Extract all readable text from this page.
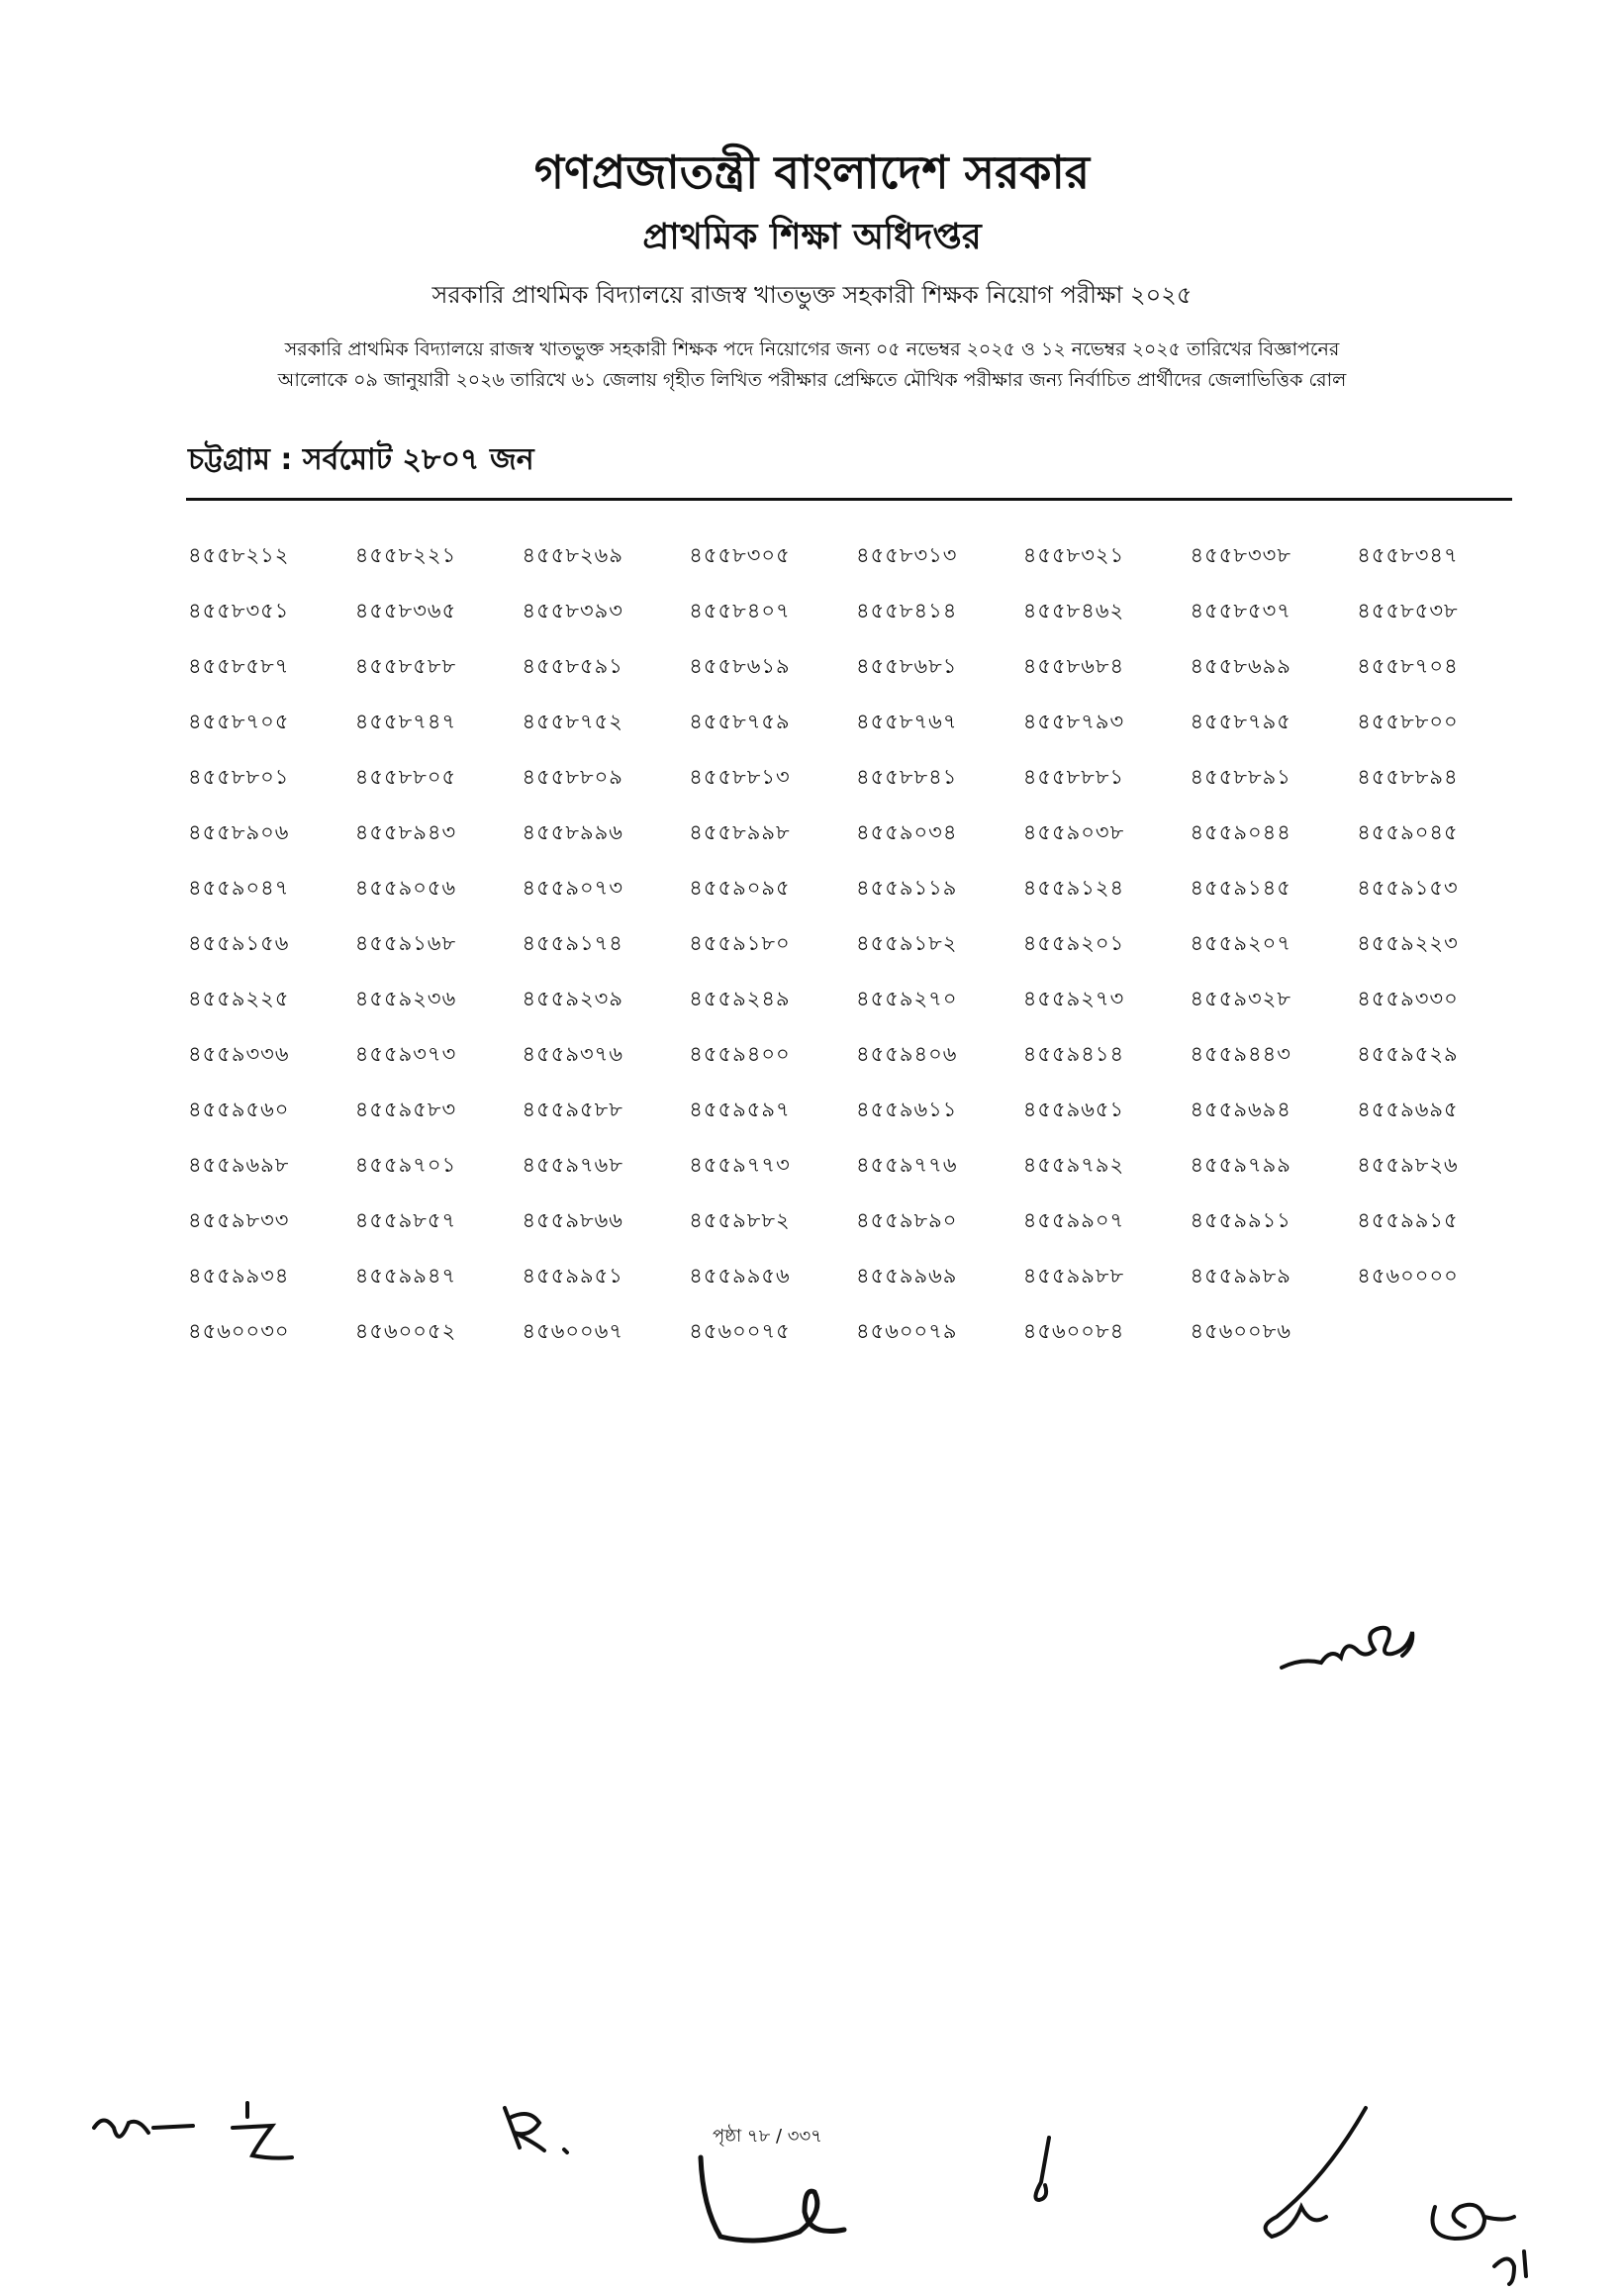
গণপ্রজাতন্ত্রী বাংলাদেশ সরকার
প্রাথমিক শিক্ষা অধিদপ্তর
সরকারি প্রাথমিক বিদ্যালয়ে রাজস্ব খাতভুক্ত সহকারী শিক্ষক নিয়োগ পরীক্ষা ২০২৫
সরকারি প্রাথমিক বিদ্যালয়ে রাজস্ব খাতভুক্ত সহকারী শিক্ষক পদে নিয়োগের জন্য ০৫ নভেম্বর ২০২৫ ও ১২ নভেম্বর ২০২৫ তারিখের বিজ্ঞাপনের
আলোকে ০৯ জানুয়ারী ২০২৬ তারিখে ৬১ জেলায় গৃহীত লিখিত পরীক্ষার প্রেক্ষিতে মৌখিক পরীক্ষার জন্য নির্বাচিত প্রার্থীদের জেলাভিত্তিক রোল
চট্টগ্রাম : সর্বমোট ২৮০৭ জন
৪৫৫৮২১২	৪৫৫৮২২১	৪৫৫৮২৬৯	৪৫৫৮৩০৫	৪৫৫৮৩১৩	৪৫৫৮৩২১	৪৫৫৮৩৩৮	৪৫৫৮৩৪৭
৪৫৫৮৩৫১	৪৫৫৮৩৬৫	৪৫৫৮৩৯৩	৪৫৫৮৪০৭	৪৫৫৮৪১৪	৪৫৫৮৪৬২	৪৫৫৮৫৩৭	৪৫৫৮৫৩৮
৪৫৫৮৫৮৭	৪৫৫৮৫৮৮	৪৫৫৮৫৯১	৪৫৫৮৬১৯	৪৫৫৮৬৮১	৪৫৫৮৬৮৪	৪৫৫৮৬৯৯	৪৫৫৮৭০৪
৪৫৫৮৭০৫	৪৫৫৮৭৪৭	৪৫৫৮৭৫২	৪৫৫৮৭৫৯	৪৫৫৮৭৬৭	৪৫৫৮৭৯৩	৪৫৫৮৭৯৫	৪৫৫৮৮০০
৪৫৫৮৮০১	৪৫৫৮৮০৫	৪৫৫৮৮০৯	৪৫৫৮৮১৩	৪৫৫৮৮৪১	৪৫৫৮৮৮১	৪৫৫৮৮৯১	৪৫৫৮৮৯৪
৪৫৫৮৯০৬	৪৫৫৮৯৪৩	৪৫৫৮৯৯৬	৪৫৫৮৯৯৮	৪৫৫৯০৩৪	৪৫৫৯০৩৮	৪৫৫৯০৪৪	৪৫৫৯০৪৫
৪৫৫৯০৪৭	৪৫৫৯০৫৬	৪৫৫৯০৭৩	৪৫৫৯০৯৫	৪৫৫৯১১৯	৪৫৫৯১২৪	৪৫৫৯১৪৫	৪৫৫৯১৫৩
৪৫৫৯১৫৬	৪৫৫৯১৬৮	৪৫৫৯১৭৪	৪৫৫৯১৮০	৪৫৫৯১৮২	৪৫৫৯২০১	৪৫৫৯২০৭	৪৫৫৯২২৩
৪৫৫৯২২৫	৪৫৫৯২৩৬	৪৫৫৯২৩৯	৪৫৫৯২৪৯	৪৫৫৯২৭০	৪৫৫৯২৭৩	৪৫৫৯৩২৮	৪৫৫৯৩৩০
৪৫৫৯৩৩৬	৪৫৫৯৩৭৩	৪৫৫৯৩৭৬	৪৫৫৯৪০০	৪৫৫৯৪০৬	৪৫৫৯৪১৪	৪৫৫৯৪৪৩	৪৫৫৯৫২৯
৪৫৫৯৫৬০	৪৫৫৯৫৮৩	৪৫৫৯৫৮৮	৪৫৫৯৫৯৭	৪৫৫৯৬১১	৪৫৫৯৬৫১	৪৫৫৯৬৯৪	৪৫৫৯৬৯৫
৪৫৫৯৬৯৮	৪৫৫৯৭০১	৪৫৫৯৭৬৮	৪৫৫৯৭৭৩	৪৫৫৯৭৭৬	৪৫৫৯৭৯২	৪৫৫৯৭৯৯	৪৫৫৯৮২৬
৪৫৫৯৮৩৩	৪৫৫৯৮৫৭	৪৫৫৯৮৬৬	৪৫৫৯৮৮২	৪৫৫৯৮৯০	৪৫৫৯৯০৭	৪৫৫৯৯১১	৪৫৫৯৯১৫
৪৫৫৯৯৩৪	৪৫৫৯৯৪৭	৪৫৫৯৯৫১	৪৫৫৯৯৫৬	৪৫৫৯৯৬৯	৪৫৫৯৯৮৮	৪৫৫৯৯৮৯	৪৫৬০০০০
৪৫৬০০৩০	৪৫৬০০৫২	৪৫৬০০৬৭	৪৫৬০০৭৫	৪৫৬০০৭৯	৪৫৬০০৮৪	৪৫৬০০৮৬
পৃষ্ঠা ৭৮ / ৩৩৭
